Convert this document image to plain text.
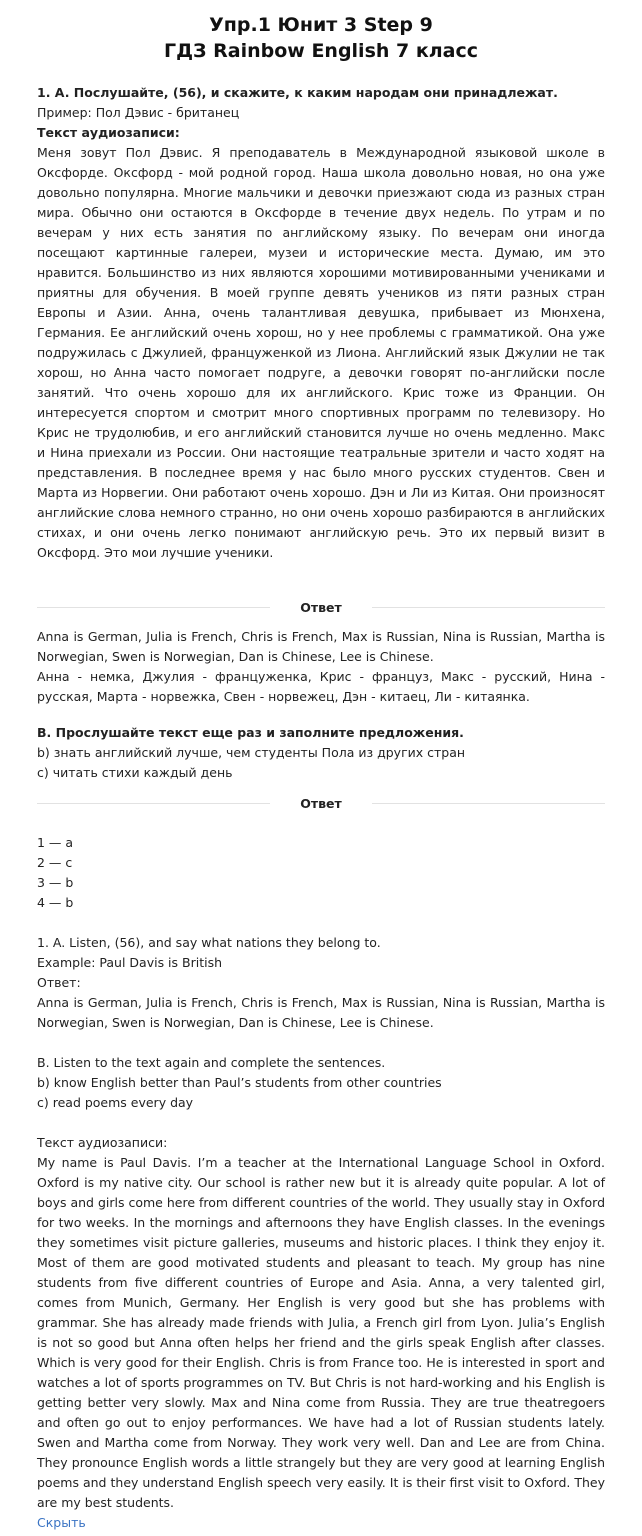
Упр.1 Юнит 3 Step 9
ГДЗ Rainbow English 7 класс
1. A. Послушайте, (56), и скажите, к каким народам они принадлежат.
Пример: Пол Дэвис - британец
Текст аудиозаписи:
Меня зовут Пол Дэвис. Я преподаватель в Международной языковой школе в Оксфорде. Оксфорд - мой родной город. Наша школа довольно новая, но она уже довольно популярна. Многие мальчики и девочки приезжают сюда из разных стран мира. Обычно они остаются в Оксфорде в течение двух недель. По утрам и по вечерам у них есть занятия по английскому языку. По вечерам они иногда посещают картинные галереи, музеи и исторические места. Думаю, им это нравится. Большинство из них являются хорошими мотивированными учениками и приятны для обучения. В моей группе девять учеников из пяти разных стран Европы и Азии. Анна, очень талантливая девушка, прибывает из Мюнхена, Германия. Ее английский очень хорош, но у нее проблемы с грамматикой. Она уже подружилась с Джулией, француженкой из Лиона. Английский язык Джулии не так хорош, но Анна часто помогает подруге, а девочки говорят по-английски после занятий. Что очень хорошо для их английского. Крис тоже из Франции. Он интересуется спортом и смотрит много спортивных программ по телевизору. Но Крис не трудолюбив, и его английский становится лучше но очень медленно. Макс и Нина приехали из России. Они настоящие театральные зрители и часто ходят на представления. В последнее время у нас было много русских студентов. Свен и Марта из Норвегии. Они работают очень хорошо. Дэн и Ли из Китая. Они произносят английские слова немного странно, но они очень хорошо разбираются в английских стихах, и они очень легко понимают английскую речь. Это их первый визит в Оксфорд. Это мои лучшие ученики.
Ответ
Anna is German, Julia is French, Chris is French, Max is Russian, Nina is Russian, Martha is Norwegian, Swen is Norwegian, Dan is Chinese, Lee is Chinese.
Анна - немка, Джулия - француженка, Крис - француз, Макс - русский, Нина - русская, Марта - норвежка, Свен - норвежец, Дэн - китаец, Ли - китаянка.
B. Прослушайте текст еще раз и заполните предложения.
b) знать английский лучше, чем студенты Пола из других стран
c) читать стихи каждый день
Ответ
1 — a
2 — c
3 — b
4 — b
1. A. Listen, (56), and say what nations they belong to.
Example: Paul Davis is British
Ответ:
Anna is German, Julia is French, Chris is French, Max is Russian, Nina is Russian, Martha is Norwegian, Swen is Norwegian, Dan is Chinese, Lee is Chinese.
B. Listen to the text again and complete the sentences.
b) know English better than Paul’s students from other countries
c) read poems every day
Текст аудиозаписи:
My name is Paul Davis. I’m a teacher at the International Language School in Oxford. Oxford is my native city. Our school is rather new but it is already quite popular. A lot of boys and girls come here from different countries of the world. They usually stay in Oxford for two weeks. In the mornings and afternoons they have English classes. In the evenings they sometimes visit picture galleries, museums and historic places. I think they enjoy it. Most of them are good motivated students and pleasant to teach. My group has nine students from five different countries of Europe and Asia. Anna, a very talented girl, comes from Munich, Germany. Her English is very good but she has problems with grammar. She has already made friends with Julia, a French girl from Lyon. Julia’s English is not so good but Anna often helps her friend and the girls speak English after classes. Which is very good for their English. Chris is from France too. He is interested in sport and watches a lot of sports programmes on TV. But Chris is not hard-working and his English is getting better very slowly. Max and Nina come from Russia. They are true theatregoers and often go out to enjoy performances. We have had a lot of Russian students lately. Swen and Martha come from Norway. They work very well. Dan and Lee are from China. They pronounce English words a little strangely but they are very good at learning English poems and they understand English speech very easily. It is their first visit to Oxford. They are my best students.
Скрыть
